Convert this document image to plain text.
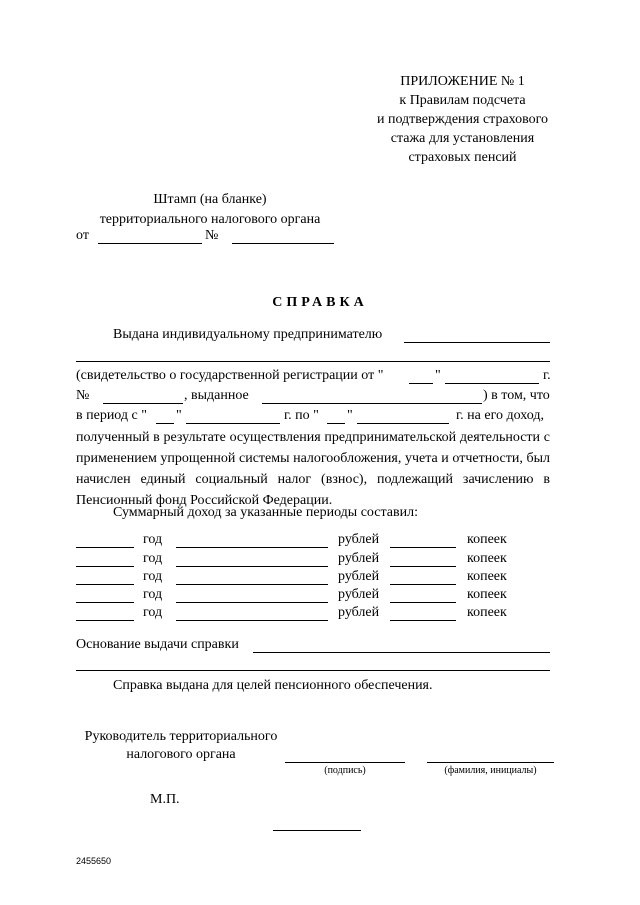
ПРИЛОЖЕНИЕ № 1
к Правилам подсчета
и подтверждения страхового
стажа для установления
страховых пенсий
Штамп (на бланке)
территориального налогового органа
от	№
СПРАВКА
Выдана индивидуальному предпринимателю
(свидетельство о государственной регистрации от "	"	г.
№	, выданное	) в том, что
в период с " "	г. по " "	г. на его доход,
полученный в результате осуществления предпринимательской деятельности с применением упрощенной системы налогообложения, учета и отчетности, был начислен единый социальный налог (взнос), подлежащий зачислению в Пенсионный фонд Российской Федерации.
Суммарный доход за указанные периоды составил:
год	рублей	копеек
год	рублей	копеек
год	рублей	копеек
год	рублей	копеек
год	рублей	копеек
Основание выдачи справки
Справка выдана для целей пенсионного обеспечения.
Руководитель территориального
налогового органа
(подпись)	(фамилия, инициалы)
М.П.
2455650
